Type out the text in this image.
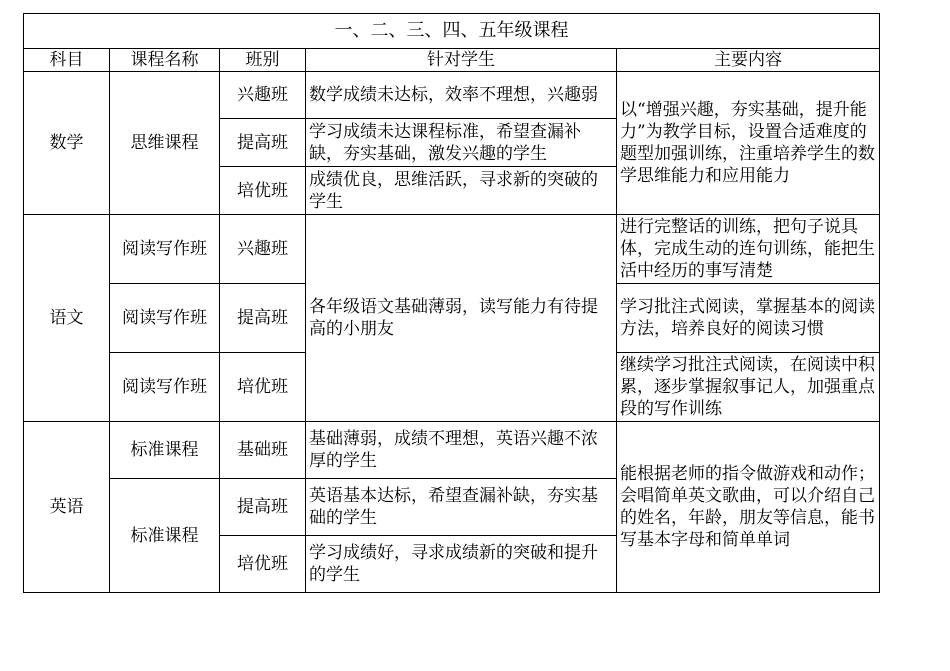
一、二、三、四、五年级课程				
科目	课程名称	班别	针对学生	主要内容
数学	思维课程	兴趣班	数学成绩未达标，效率不理想，兴趣弱	以“增强兴趣，夯实基础，提升能力”为教学目标，设置合适难度的题型加强训练，注重培养学生的数学思维能力和应用能力
		提高班	学习成绩未达课程标准，希望查漏补缺，夯实基础，激发兴趣的学生	
		培优班	成绩优良，思维活跃，寻求新的突破的学生	
语文	阅读写作班	兴趣班	各年级语文基础薄弱，读写能力有待提高的小朋友	进行完整话的训练，把句子说具体，完成生动的连句训练，能把生活中经历的事写清楚
	阅读写作班	提高班		学习批注式阅读，掌握基本的阅读方法，培养良好的阅读习惯
	阅读写作班	培优班		继续学习批注式阅读，在阅读中积累，逐步掌握叙事记人，加强重点段的写作训练
英语	标准课程	基础班	基础薄弱，成绩不理想，英语兴趣不浓厚的学生	能根据老师的指令做游戏和动作；会唱简单英文歌曲，可以介绍自己的姓名，年龄，朋友等信息，能书写基本字母和简单单词
	标准课程	提高班	英语基本达标，希望查漏补缺，夯实基础的学生	
		培优班	学习成绩好，寻求成绩新的突破和提升的学生	
